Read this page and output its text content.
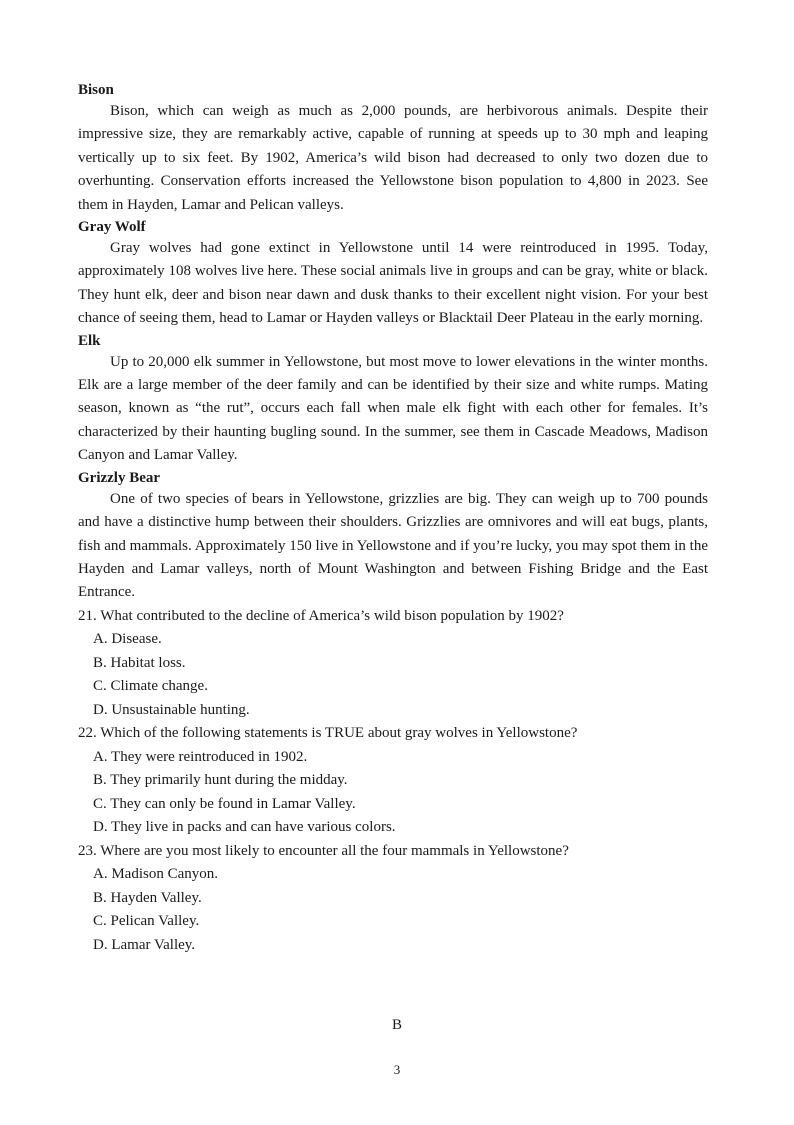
Bison

Bison, which can weigh as much as 2,000 pounds, are herbivorous animals. Despite their impressive size, they are remarkably active, capable of running at speeds up to 30 mph and leaping vertically up to six feet. By 1902, America’s wild bison had decreased to only two dozen due to overhunting. Conservation efforts increased the Yellowstone bison population to 4,800 in 2023. See them in Hayden, Lamar and Pelican valleys.

Gray Wolf

Gray wolves had gone extinct in Yellowstone until 14 were reintroduced in 1995. Today, approximately 108 wolves live here. These social animals live in groups and can be gray, white or black. They hunt elk, deer and bison near dawn and dusk thanks to their excellent night vision. For your best chance of seeing them, head to Lamar or Hayden valleys or Blacktail Deer Plateau in the early morning.

Elk

Up to 20,000 elk summer in Yellowstone, but most move to lower elevations in the winter months. Elk are a large member of the deer family and can be identified by their size and white rumps. Mating season, known as “the rut”, occurs each fall when male elk fight with each other for females. It’s characterized by their haunting bugling sound. In the summer, see them in Cascade Meadows, Madison Canyon and Lamar Valley.

Grizzly Bear

One of two species of bears in Yellowstone, grizzlies are big. They can weigh up to 700 pounds and have a distinctive hump between their shoulders. Grizzlies are omnivores and will eat bugs, plants, fish and mammals. Approximately 150 live in Yellowstone and if you’re lucky, you may spot them in the Hayden and Lamar valleys, north of Mount Washington and between Fishing Bridge and the East Entrance.

21. What contributed to the decline of America’s wild bison population by 1902?

A. Disease.

B. Habitat loss.

C. Climate change.

D. Unsustainable hunting.

22. Which of the following statements is TRUE about gray wolves in Yellowstone?

A. They were reintroduced in 1902.

B. They primarily hunt during the midday.

C. They can only be found in Lamar Valley.

D. They live in packs and can have various colors.

23. Where are you most likely to encounter all the four mammals in Yellowstone?

A. Madison Canyon.

B. Hayden Valley.

C. Pelican Valley.

D. Lamar Valley.

B
3
